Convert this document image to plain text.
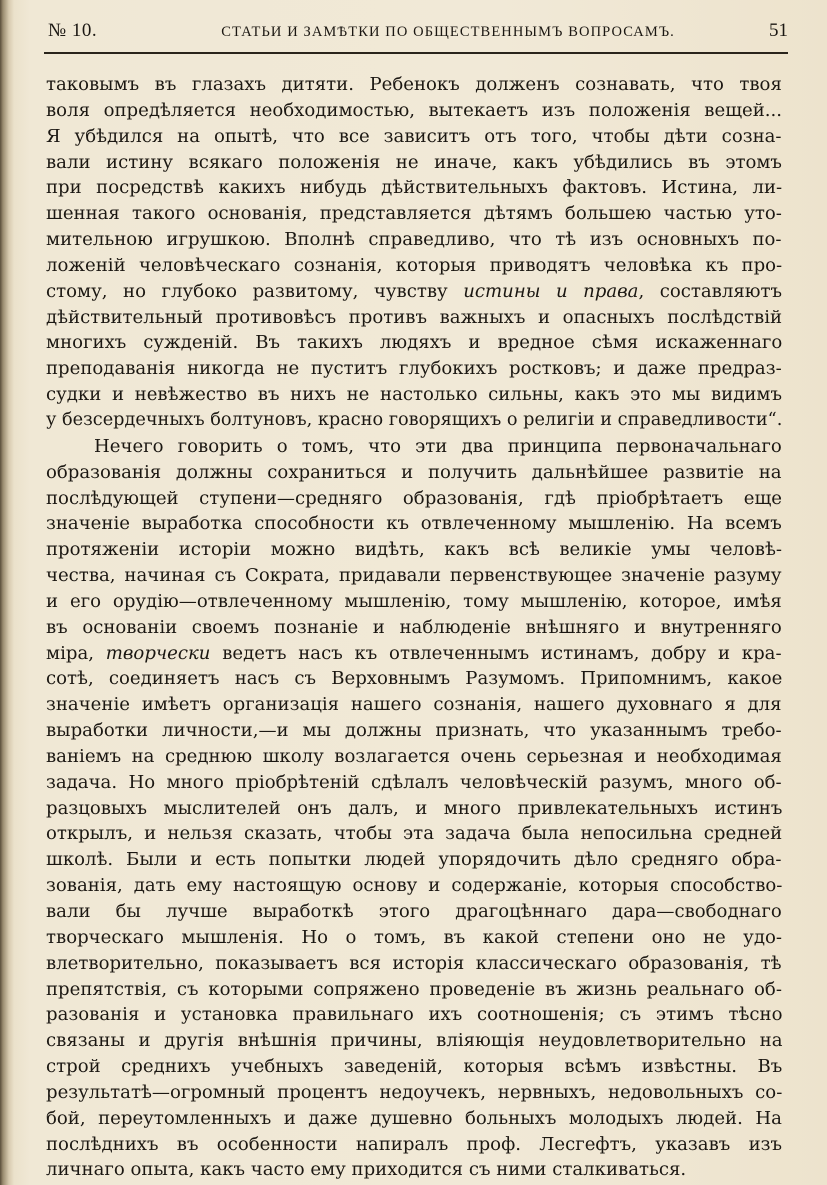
№ 10.	СТАТЬИ И ЗАМѢТКИ ПО ОБЩЕСТВЕННЫМЪ ВОПРОСАМЪ.	51
таковымъ въ глазахъ дитяти. Ребенокъ долженъ сознавать, что твоя
воля опредѣляется необходимостью, вытекаетъ изъ положенія вещей...
Я убѣдился на опытѣ, что все зависитъ отъ того, чтобы дѣти созна-
вали истину всякаго положенія не иначе, какъ убѣдились въ этомъ
при посредствѣ какихъ нибудь дѣйствительныхъ фактовъ. Истина, ли-
шенная такого основанія, представляется дѣтямъ большею частью уто-
мительною игрушкою. Вполнѣ справедливо, что тѣ изъ основныхъ по-
ложеній человѣческаго сознанія, которыя приводятъ человѣка къ про-
стому, но глубоко развитому, чувству истины и права, составляютъ
дѣйствительный противовѣсъ противъ важныхъ и опасныхъ послѣдствій
многихъ сужденій. Въ такихъ людяхъ и вредное сѣмя искаженнаго
преподаванія никогда не пуститъ глубокихъ ростковъ; и даже предраз-
судки и невѣжество въ нихъ не настолько сильны, какъ это мы видимъ
у безсердечныхъ болтуновъ, красно говорящихъ о религіи и справедливости“.
Нечего говорить о томъ, что эти два принципа первоначальнаго
образованія должны сохраниться и получить дальнѣйшее развитіе на
послѣдующей ступени—средняго образованія, гдѣ пріобрѣтаетъ еще
значеніе выработка способности къ отвлеченному мышленію. На всемъ
протяженіи исторіи можно видѣть, какъ всѣ великіе умы человѣ-
чества, начиная съ Сократа, придавали первенствующее значеніе разуму
и его орудію—отвлеченному мышленію, тому мышленію, которое, имѣя
въ основаніи своемъ познаніе и наблюденіе внѣшняго и внутренняго
міра, творчески ведетъ насъ къ отвлеченнымъ истинамъ, добру и кра-
сотѣ, соединяетъ насъ съ Верховнымъ Разумомъ. Припомнимъ, какое
значеніе имѣетъ организація нашего сознанія, нашего духовнаго я для
выработки личности,—и мы должны признать, что указаннымъ требо-
ваніемъ на среднюю школу возлагается очень серьезная и необходимая
задача. Но много пріобрѣтеній сдѣлалъ человѣческій разумъ, много об-
разцовыхъ мыслителей онъ далъ, и много привлекательныхъ истинъ
открылъ, и нельзя сказать, чтобы эта задача была непосильна средней
школѣ. Были и есть попытки людей упорядочить дѣло средняго обра-
зованія, дать ему настоящую основу и содержаніе, которыя способство-
вали бы лучше выработкѣ этого драгоцѣннаго дара—свободнаго
творческаго мышленія. Но о томъ, въ какой степени оно не удо-
влетворительно, показываетъ вся исторія классическаго образованія, тѣ
препятствія, съ которыми сопряжено проведеніе въ жизнь реальнаго об-
разованія и установка правильнаго ихъ соотношенія; съ этимъ тѣсно
связаны и другія внѣшнія причины, вліяющія неудовлетворительно на
строй среднихъ учебныхъ заведеній, которыя всѣмъ извѣстны. Въ
результатѣ—огромный процентъ недоучекъ, нервныхъ, недовольныхъ со-
бой, переутомленныхъ и даже душевно больныхъ молодыхъ людей. На
послѣднихъ въ особенности напиралъ проф. Лесгефтъ, указавъ изъ
личнаго опыта, какъ часто ему приходится съ ними сталкиваться.
